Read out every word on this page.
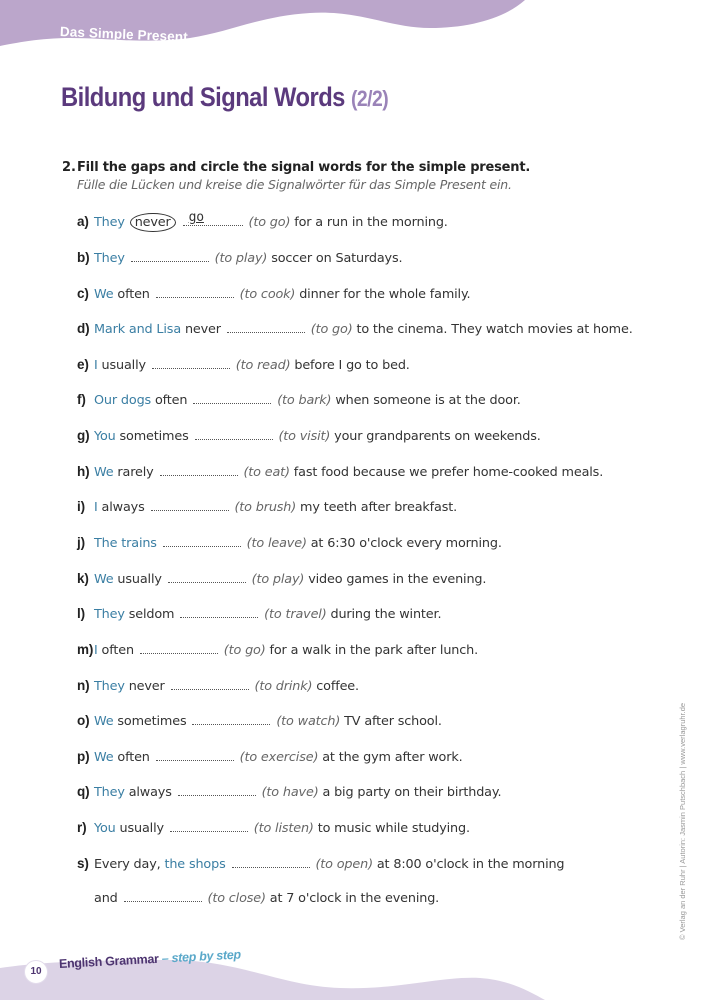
Das Simple Present
Bildung und Signal Words (2/2)
2. Fill the gaps and circle the signal words for the simple present.
Fülle die Lücken und kreise die Signalwörter für das Simple Present ein.
a) They never go	(to go) for a run in the morning.
b) They	(to play) soccer on Saturdays.
c) We often	(to cook) dinner for the whole family.
d) Mark and Lisa never	(to go) to the cinema. They watch movies at home.
e) I usually	(to read) before I go to bed.
f) Our dogs often	(to bark) when someone is at the door.
g) You sometimes	(to visit) your grandparents on weekends.
h) We rarely	(to eat) fast food because we prefer home-cooked meals.
i) I always	(to brush) my teeth after breakfast.
j) The trains	(to leave) at 6:30 o'clock every morning.
k) We usually	(to play) video games in the evening.
l) They seldom	(to travel) during the winter.
m)I often	(to go) for a walk in the park after lunch.
n) They never	(to drink) coffee.
o) We sometimes	(to watch) TV after school.
p) We often	(to exercise) at the gym after work.
q) They always	(to have) a big party on their birthday.
r) You usually	(to listen) to music while studying.
s) Every day, the shops	(to open) at 8:00 o'clock in the morning
and	(to close) at 7 o'clock in the evening.
10
English Grammar – step by step
© Verlag an der Ruhr | Autorin: Jasmin Putschbach | www.verlagruhr.de
